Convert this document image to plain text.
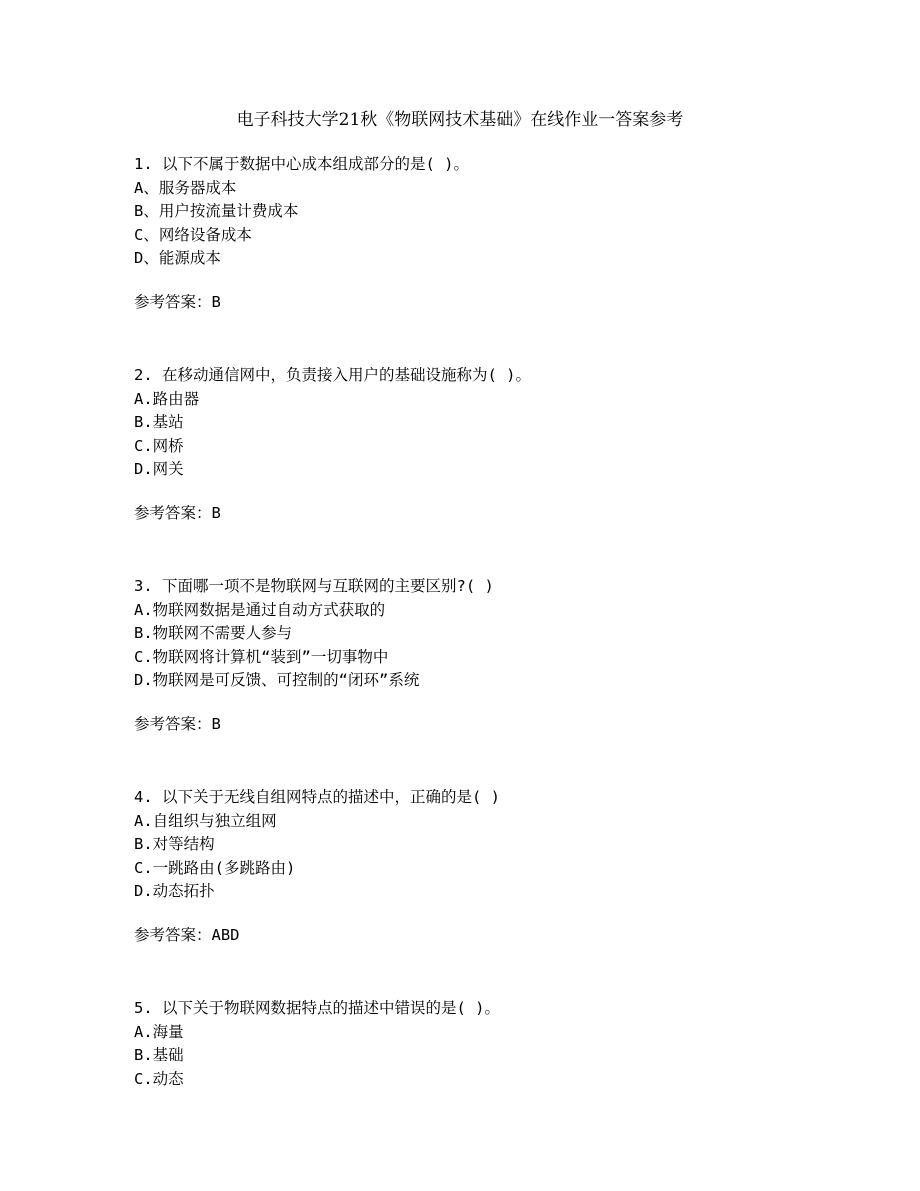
电子科技大学21秋《物联网技术基础》在线作业一答案参考
1. 以下不属于数据中心成本组成部分的是( )。
A、服务器成本
B、用户按流量计费成本
C、网络设备成本
D、能源成本
参考答案：B
2. 在移动通信网中，负责接入用户的基础设施称为( )。
A.路由器
B.基站
C.网桥
D.网关
参考答案：B
3. 下面哪一项不是物联网与互联网的主要区别?( )
A.物联网数据是通过自动方式获取的
B.物联网不需要人参与
C.物联网将计算机“装到”一切事物中
D.物联网是可反馈、可控制的“闭环”系统
参考答案：B
4. 以下关于无线自组网特点的描述中，正确的是( )
A.自组织与独立组网
B.对等结构
C.一跳路由(多跳路由)
D.动态拓扑
参考答案：ABD
5. 以下关于物联网数据特点的描述中错误的是( )。
A.海量
B.基础
C.动态
